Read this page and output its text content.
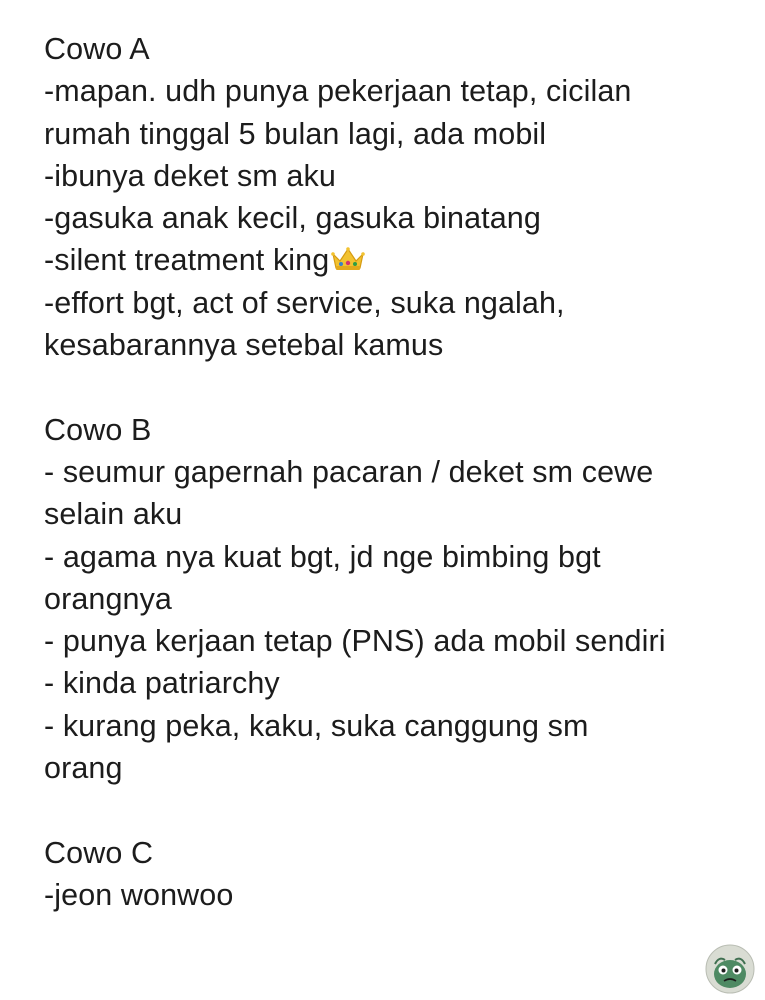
Cowo A
-mapan. udh punya pekerjaan tetap, cicilan
rumah tinggal 5 bulan lagi, ada mobil
-ibunya deket sm aku
-gasuka anak kecil, gasuka binatang
-silent treatment king
-effort bgt, act of service, suka ngalah,
kesabarannya setebal kamus
Cowo B
- seumur gapernah pacaran / deket sm cewe
selain aku
- agama nya kuat bgt, jd nge bimbing bgt
orangnya
- punya kerjaan tetap (PNS) ada mobil sendiri
- kinda patriarchy
- kurang peka, kaku, suka canggung sm
orang
Cowo C
-jeon wonwoo
